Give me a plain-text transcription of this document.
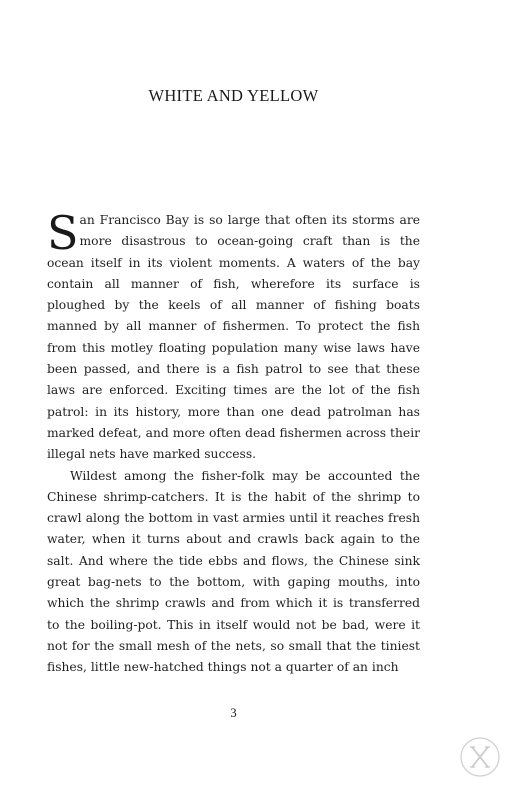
WHITE AND YELLOW

San Francisco Bay is so large that often its storms are more disastrous to ocean-going craft than is the ocean itself in its violent moments. A waters of the bay contain all manner of fish, wherefore its surface is ploughed by the keels of all manner of fishing boats manned by all manner of fishermen. To protect the fish from this motley floating population many wise laws have been passed, and there is a fish patrol to see that these laws are enforced. Exciting times are the lot of the fish patrol: in its history, more than one dead patrolman has marked defeat, and more often dead fishermen across their illegal nets have marked success.

Wildest among the fisher-folk may be accounted the Chinese shrimp-catchers. It is the habit of the shrimp to crawl along the bottom in vast armies until it reaches fresh water, when it turns about and crawls back again to the salt. And where the tide ebbs and flows, the Chinese sink great bag-nets to the bottom, with gaping mouths, into which the shrimp crawls and from which it is transferred to the boiling-pot. This in itself would not be bad, were it not for the small mesh of the nets, so small that the tiniest fishes, little new-hatched things not a quarter of an inch

3
